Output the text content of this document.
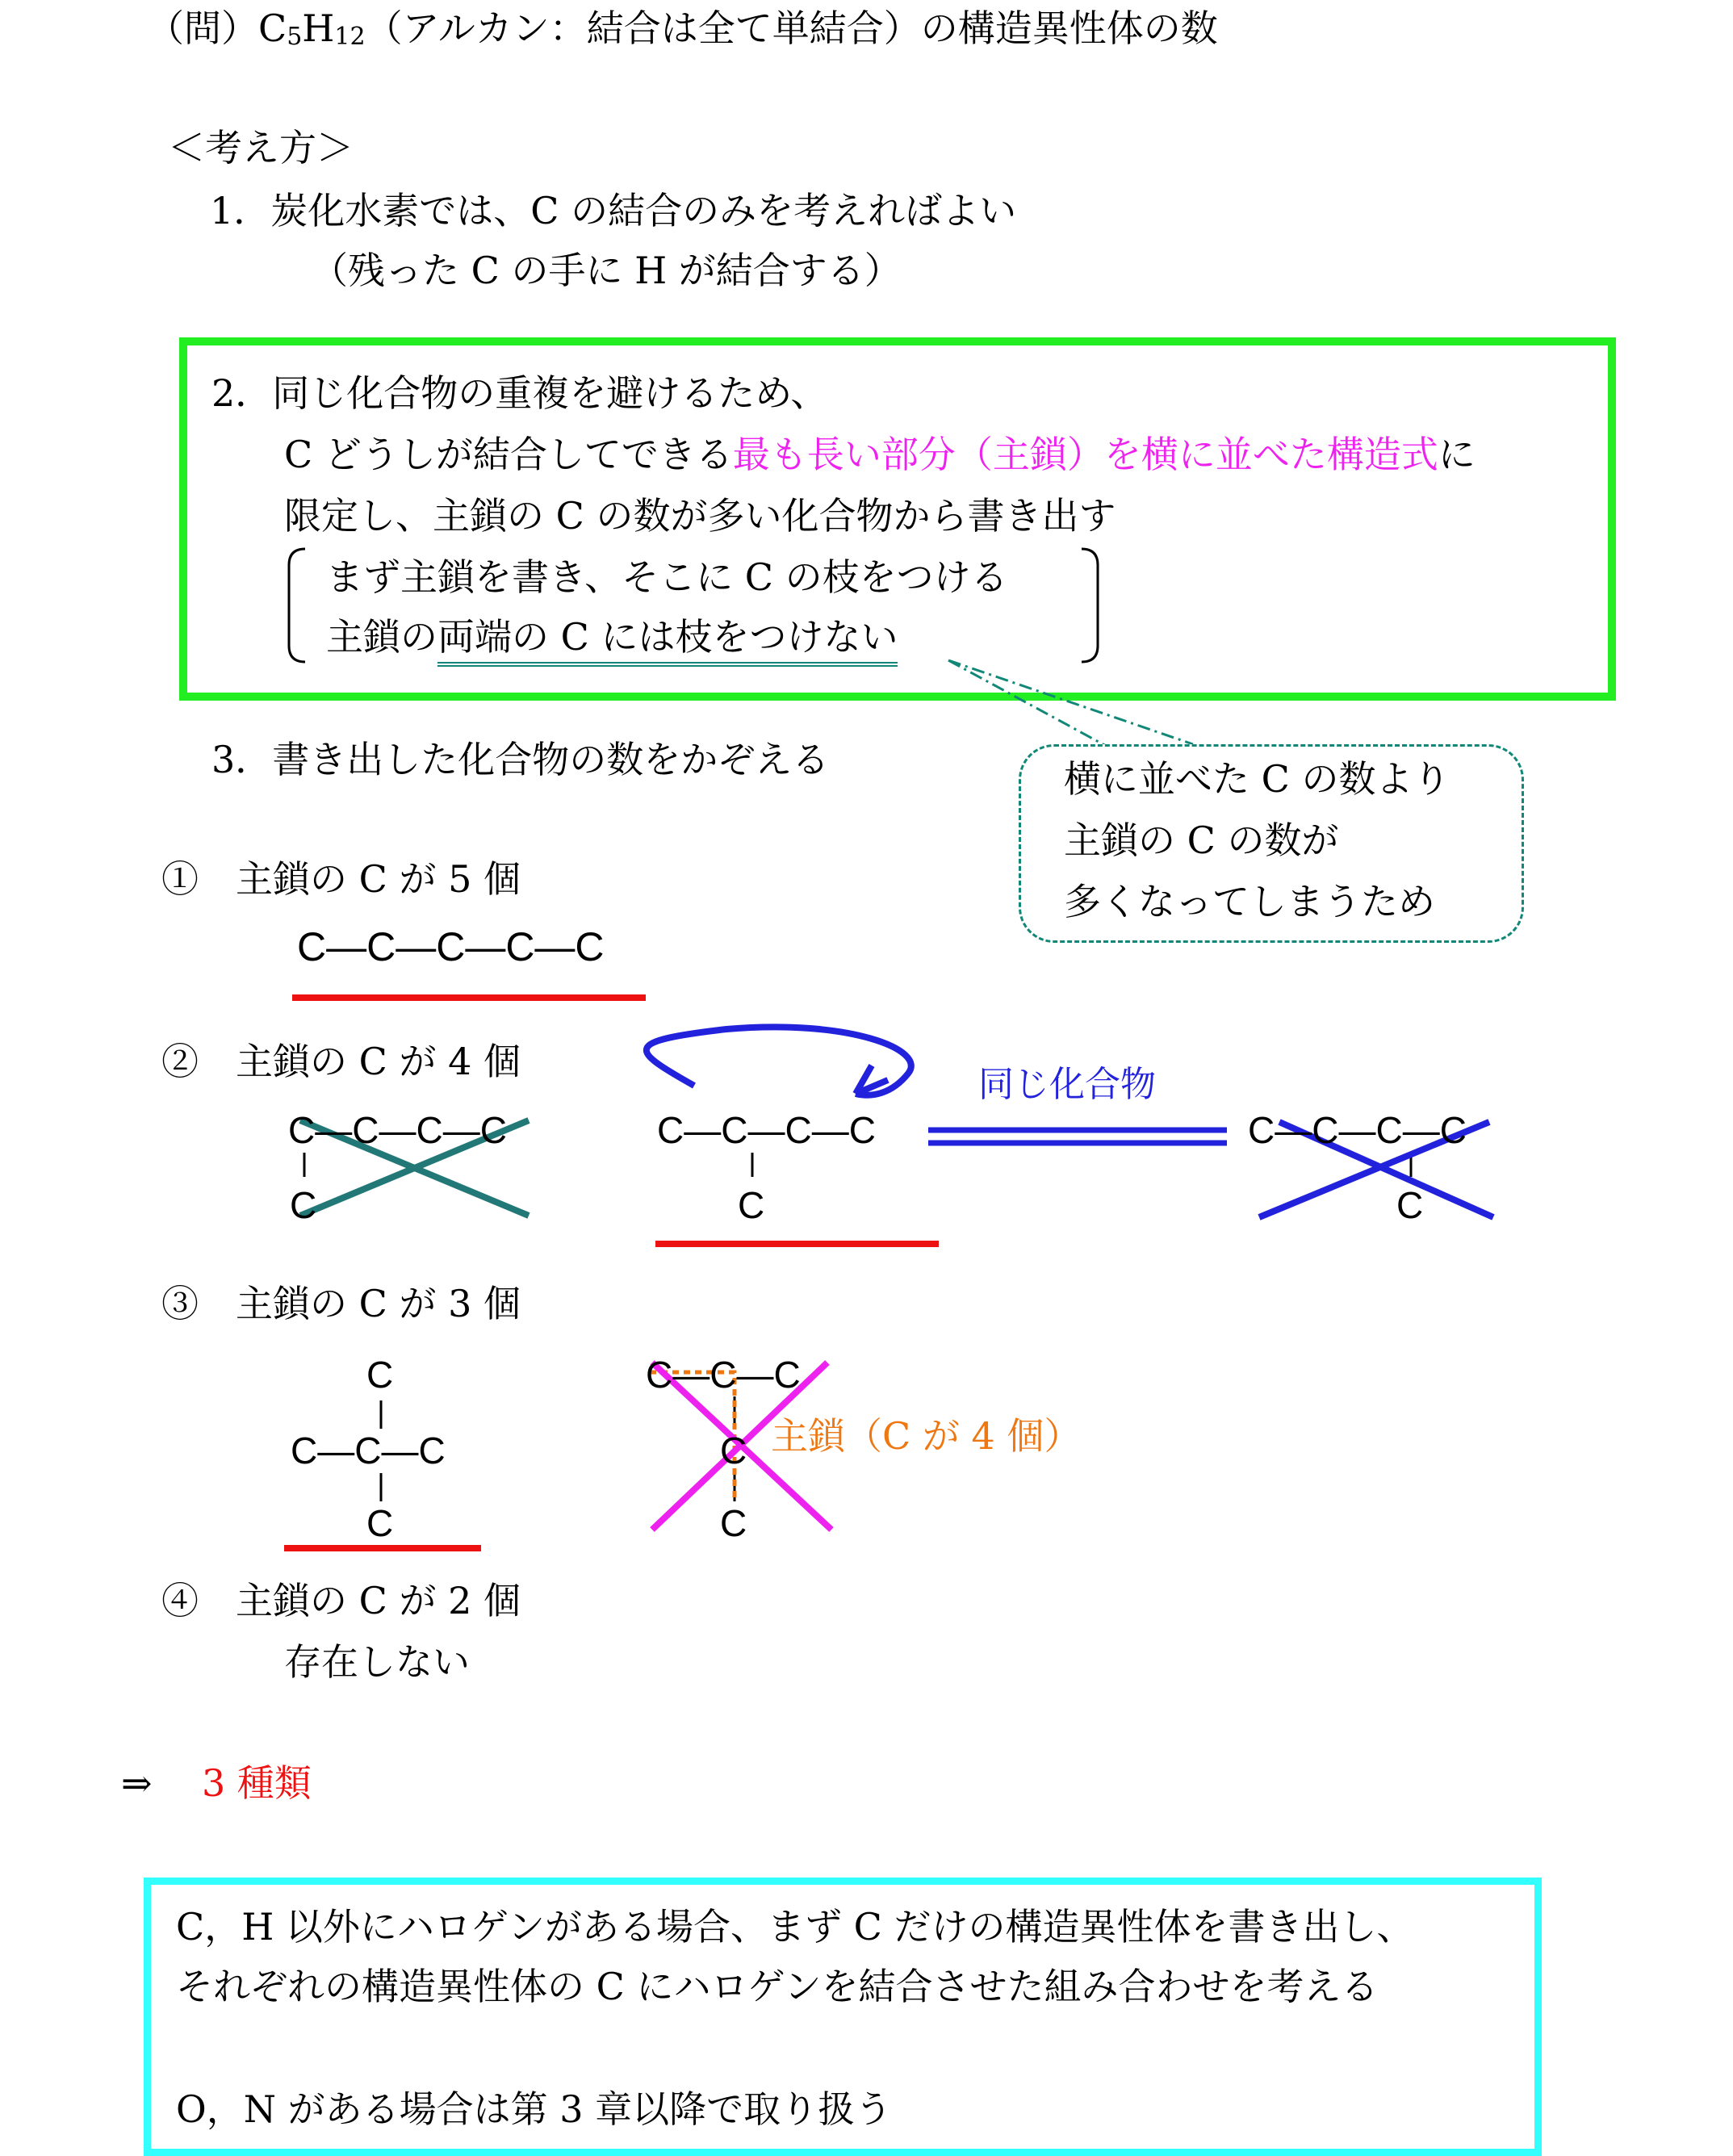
（問）$C_5H_{12}$（アルカン：結合は全て単結合）の構造異性体の数
＜考え方＞
1．炭化水素では、C の結合のみを考えればよい
（残った C の手に H が結合する）
2．同じ化合物の重複を避けるため、
C どうしが結合してできる最も長い部分（主鎖）を横に並べた構造式に
限定し、主鎖の C の数が多い化合物から書き出す
まず主鎖を書き、そこに C の枝をつける
主鎖の両端の C には枝をつけない
3．書き出した化合物の数をかぞえる	横に並べた C の数より
主鎖の C の数が
多くなってしまうため
①　主鎖の C が 5 個
C—C—C—C—C
②　主鎖の C が 4 個
C—C—C—C
C
C—C—C—C
C
同じ化合物
C—C—C—C
C
③　主鎖の C が 3 個
C
C—C—C
C
C—C—C
C
C
主鎖（C が 4 個）
④　主鎖の C が 2 個
存在しない
⇒ 3 種類
C，H 以外にハロゲンがある場合、まず C だけの構造異性体を書き出し、
それぞれの構造異性体の C にハロゲンを結合させた組み合わせを考える
O，N がある場合は第 3 章以降で取り扱う
